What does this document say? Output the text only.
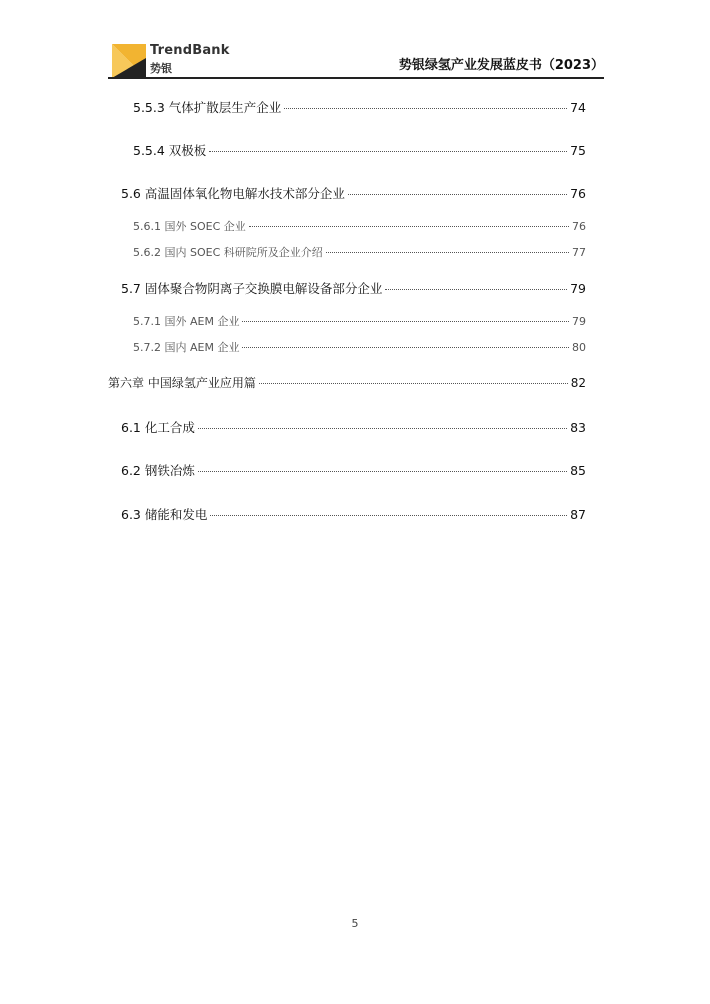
TrendBank
势银	势银绿氢产业发展蓝皮书（2023）
5.5.3 气体扩散层生产企业	74
5.5.4 双极板	75
5.6 高温固体氧化物电解水技术部分企业	76
5.6.1 国外 SOEC 企业	76
5.6.2 国内 SOEC 科研院所及企业介绍	77
5.7 固体聚合物阴离子交换膜电解设备部分企业	79
5.7.1 国外 AEM 企业	79
5.7.2 国内 AEM 企业	80
第六章 中国绿氢产业应用篇	82
6.1 化工合成	83
6.2 钢铁冶炼	85
6.3 储能和发电	87
5
